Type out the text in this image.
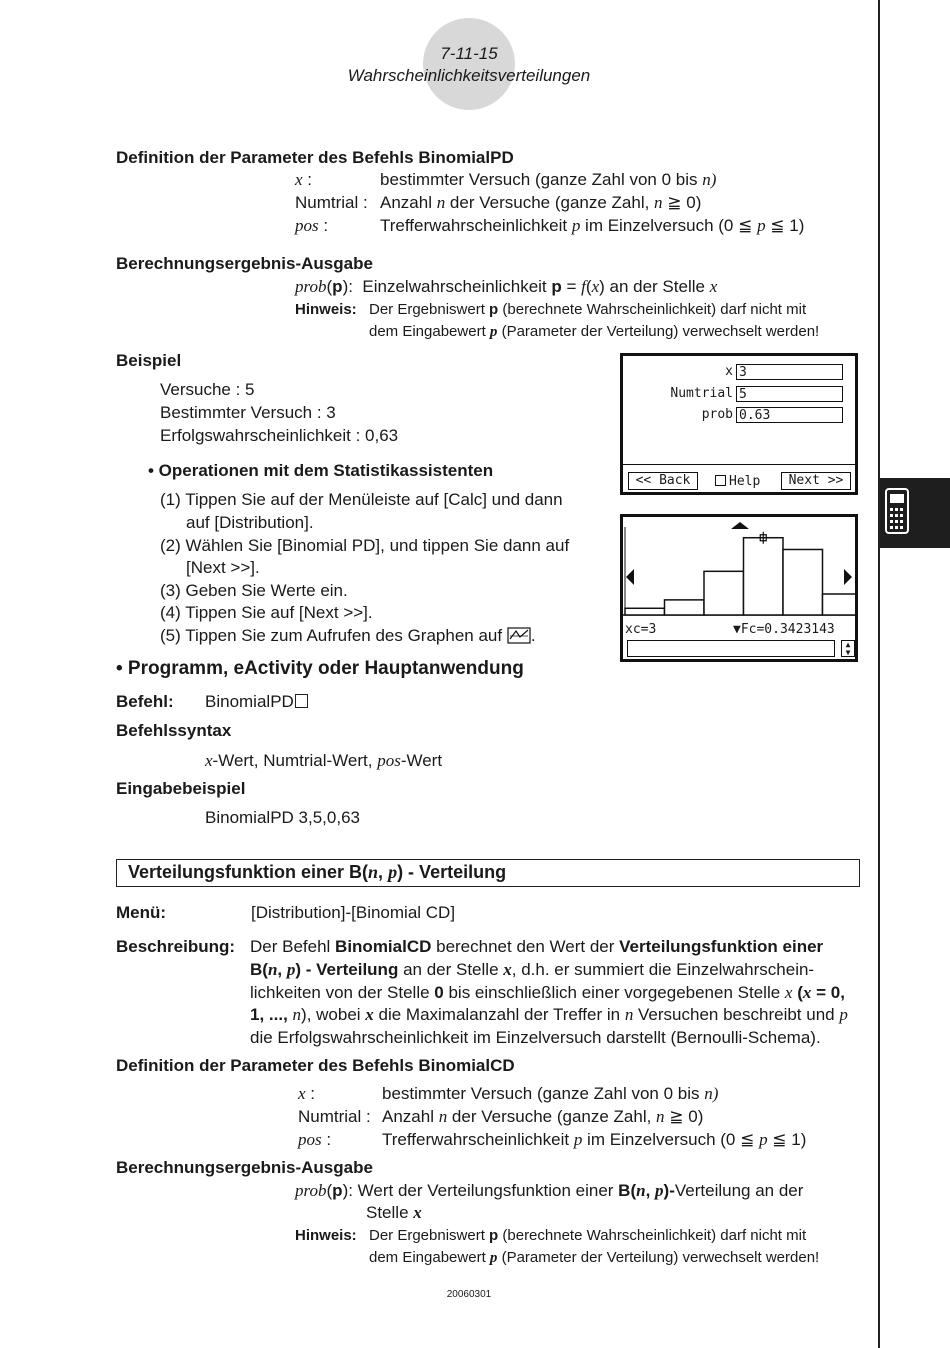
7-11-15
Wahrscheinlichkeitsverteilungen
Definition der Parameter des Befehls BinomialPD
x :	bestimmter Versuch (ganze Zahl von 0 bis n)
Numtrial : Anzahl n der Versuche (ganze Zahl, n ≧ 0)
pos :	Trefferwahrscheinlichkeit p im Einzelversuch (0 ≦ p ≦ 1)
Berechnungsergebnis-Ausgabe
prob(p): Einzelwahrscheinlichkeit p = f(x) an der Stelle x
Hinweis: Der Ergebniswert p (berechnete Wahrscheinlichkeit) darf nicht mit
dem Eingabewert p (Parameter der Verteilung) verwechselt werden!
Beispiel
Versuche : 5
Bestimmter Versuch : 3
Erfolgswahrscheinlichkeit : 0,63
• Operationen mit dem Statistikassistenten
(1) Tippen Sie auf der Menüleiste auf [Calc] und dann
auf [Distribution].
(2) Wählen Sie [Binomial PD], und tippen Sie dann auf
[Next >>].
(3) Geben Sie Werte ein.
(4) Tippen Sie auf [Next >>].
(5) Tippen Sie zum Aufrufen des Graphen auf .
x 3
Numtrial 5
prob 0.63
<< Back	Help	Next >>
xc=3	▼Fc=0.3423143
▲
▼
• Programm, eActivity oder Hauptanwendung
Befehl: BinomialPD
Befehlssyntax
x-Wert, Numtrial-Wert, pos-Wert
Eingabebeispiel
BinomialPD 3,5,0,63
Verteilungsfunktion einer B(n, p) - Verteilung
Menü:	[Distribution]-[Binomial CD]
Beschreibung: Der Befehl BinomialCD berechnet den Wert der Verteilungsfunktion einer
B(n, p) - Verteilung an der Stelle x, d.h. er summiert die Einzelwahrschein-
lichkeiten von der Stelle 0 bis einschließlich einer vorgegebenen Stelle x (x = 0,
1, ..., n), wobei x die Maximalanzahl der Treffer in n Versuchen beschreibt und p
die Erfolgswahrscheinlichkeit im Einzelversuch darstellt (Bernoulli-Schema).
Definition der Parameter des Befehls BinomialCD
x :	bestimmter Versuch (ganze Zahl von 0 bis n)
Numtrial : Anzahl n der Versuche (ganze Zahl, n ≧ 0)
pos :	Trefferwahrscheinlichkeit p im Einzelversuch (0 ≦ p ≦ 1)
Berechnungsergebnis-Ausgabe
prob(p): Wert der Verteilungsfunktion einer B(n, p)-Verteilung an der
Stelle x
Hinweis: Der Ergebniswert p (berechnete Wahrscheinlichkeit) darf nicht mit
dem Eingabewert p (Parameter der Verteilung) verwechselt werden!
20060301
